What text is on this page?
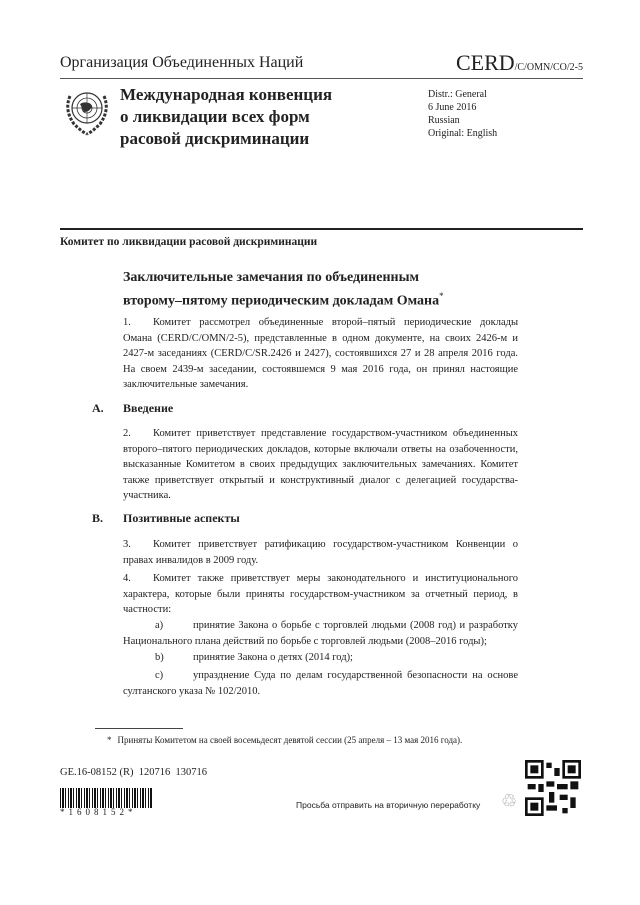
Организация Объединенных Наций	CERD/C/OMN/CO/2-5
Международная конвенция
о ликвидации всех форм
расовой дискриминации
Distr.: General
6 June 2016
Russian
Original: English
Комитет по ликвидации расовой дискриминации
Заключительные замечания по объединенным
второму–пятому периодическим докладам Омана*
1. Комитет рассмотрел объединенные второй–пятый периодические доклады Омана (CERD/C/OMN/2-5), представленные в одном документе, на своих 2426-м и 2427-м заседаниях (CERD/C/SR.2426 и 2427), состоявшихся 27 и 28 апреля 2016 года. На своем 2439-м заседании, состоявшемся 9 мая 2016 года, он принял настоящие заключительные замечания.
A. Введение
2. Комитет приветствует представление государством-участником объединенных второго–пятого периодических докладов, которые включали ответы на озабоченности, высказанные Комитетом в своих предыдущих заключительных замечаниях. Комитет также приветствует открытый и конструктивный диалог с делегацией государства-участника.
B. Позитивные аспекты
3. Комитет приветствует ратификацию государством-участником Конвенции о правах инвалидов в 2009 году.
4. Комитет также приветствует меры законодательного и институционального характера, которые были приняты государством-участником за отчетный период, в частности:
a)	принятие Закона о борьбе с торговлей людьми (2008 год) и разработку Национального плана действий по борьбе с торговлей людьми (2008–2016 годы);
b)	принятие Закона о детях (2014 год);
c)	упразднение Суда по делам государственной безопасности на основе султанского указа № 102/2010.
* Приняты Комитетом на своей восемьдесят девятой сессии (25 апреля – 13 мая 2016 года).
GE.16-08152 (R)  120716  130716
*1608152*
Просьба отправить на вторичную переработку ♲
